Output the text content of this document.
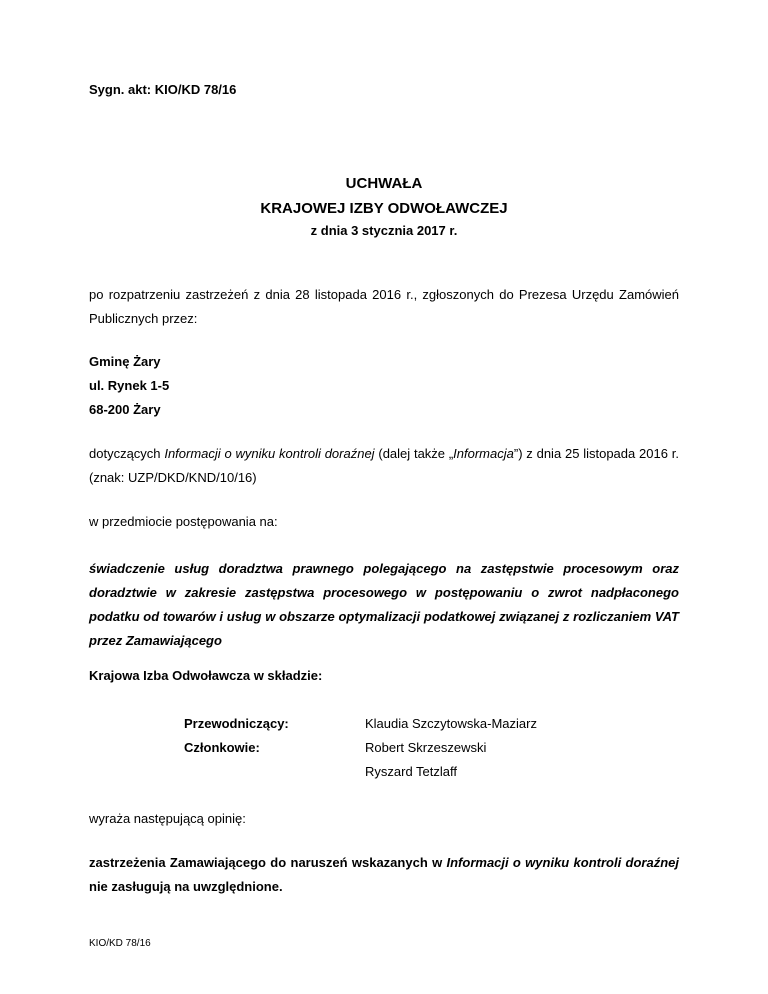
Sygn. akt: KIO/KD 78/16
UCHWAŁA
KRAJOWEJ IZBY ODWOŁAWCZEJ
z dnia 3 stycznia 2017 r.
po rozpatrzeniu zastrzeżeń z dnia 28 listopada 2016 r., zgłoszonych do Prezesa Urzędu Zamówień Publicznych przez:
Gminę Żary
ul. Rynek 1-5
68-200 Żary
dotyczących Informacji o wyniku kontroli doraźnej (dalej także „Informacja”) z dnia 25 listopada 2016 r. (znak: UZP/DKD/KND/10/16)
w przedmiocie postępowania na:
świadczenie usług doradztwa prawnego polegającego na zastępstwie procesowym oraz doradztwie w zakresie zastępstwa procesowego w postępowaniu o zwrot nadpłaconego podatku od towarów i usług w obszarze optymalizacji podatkowej związanej z rozliczaniem VAT przez Zamawiającego
Krajowa Izba Odwoławcza w składzie:
Przewodniczący:	Klaudia Szczytowska-Maziarz
Członkowie:	Robert Skrzeszewski
Ryszard Tetzlaff
wyraża następującą opinię:
zastrzeżenia Zamawiającego do naruszeń wskazanych w Informacji o wyniku kontroli doraźnej nie zasługują na uwzględnione.
KIO/KD 78/16
